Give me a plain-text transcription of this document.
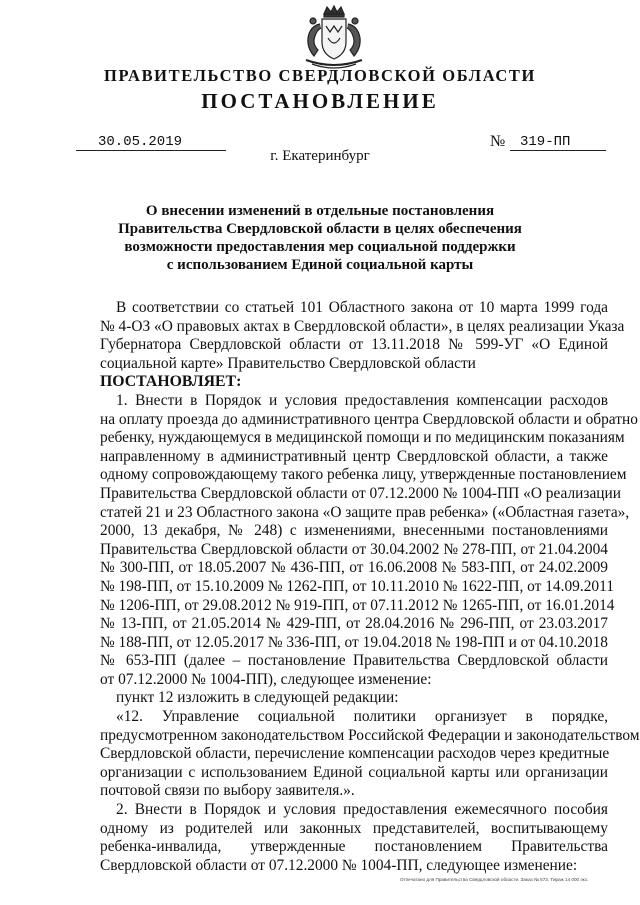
ПРАВИТЕЛЬСТВО СВЕРДЛОВСКОЙ ОБЛАСТИ
ПОСТАНОВЛЕНИЕ
30.05.2019	№ 319-ПП
г. Екатеринбург
О внесении изменений в отдельные постановления
Правительства Свердловской области в целях обеспечения
возможности предоставления мер социальной поддержки
с использованием Единой социальной карты
В соответствии со статьей 101 Областного закона от 10 марта 1999 года
№ 4-ОЗ «О правовых актах в Свердловской области», в целях реализации Указа
Губернатора Свердловской области от 13.11.2018 № 599-УГ «О Единой
социальной карте» Правительство Свердловской области
ПОСТАНОВЛЯЕТ:
1. Внести в Порядок и условия предоставления компенсации расходов
на оплату проезда до административного центра Свердловской области и обратно
ребенку, нуждающемуся в медицинской помощи и по медицинским показаниям
направленному в административный центр Свердловской области, а также
одному сопровождающему такого ребенка лицу, утвержденные постановлением
Правительства Свердловской области от 07.12.2000 № 1004-ПП «О реализации
статей 21 и 23 Областного закона «О защите прав ребенка» («Областная газета»,
2000, 13 декабря, № 248) с изменениями, внесенными постановлениями
Правительства Свердловской области от 30.04.2002 № 278-ПП, от 21.04.2004
№ 300-ПП, от 18.05.2007 № 436-ПП, от 16.06.2008 № 583-ПП, от 24.02.2009
№ 198-ПП, от 15.10.2009 № 1262-ПП, от 10.11.2010 № 1622-ПП, от 14.09.2011
№ 1206-ПП, от 29.08.2012 № 919-ПП, от 07.11.2012 № 1265-ПП, от 16.01.2014
№ 13-ПП, от 21.05.2014 № 429-ПП, от 28.04.2016 № 296-ПП, от 23.03.2017
№ 188-ПП, от 12.05.2017 № 336-ПП, от 19.04.2018 № 198-ПП и от 04.10.2018
№ 653-ПП (далее – постановление Правительства Свердловской области
от 07.12.2000 № 1004-ПП), следующее изменение:
пункт 12 изложить в следующей редакции:
«12. Управление социальной политики организует в порядке,
предусмотренном законодательством Российской Федерации и законодательством
Свердловской области, перечисление компенсации расходов через кредитные
организации с использованием Единой социальной карты или организации
почтовой связи по выбору заявителя.».
2. Внести в Порядок и условия предоставления ежемесячного пособия
одному из родителей или законных представителей, воспитывающему
ребенка-инвалида, утвержденные постановлением Правительства
Свердловской области от 07.12.2000 № 1004-ПП, следующее изменение:
Отпечатано для Правительства Свердловской области. Заказ № 573. Тираж 14 000 экз.
